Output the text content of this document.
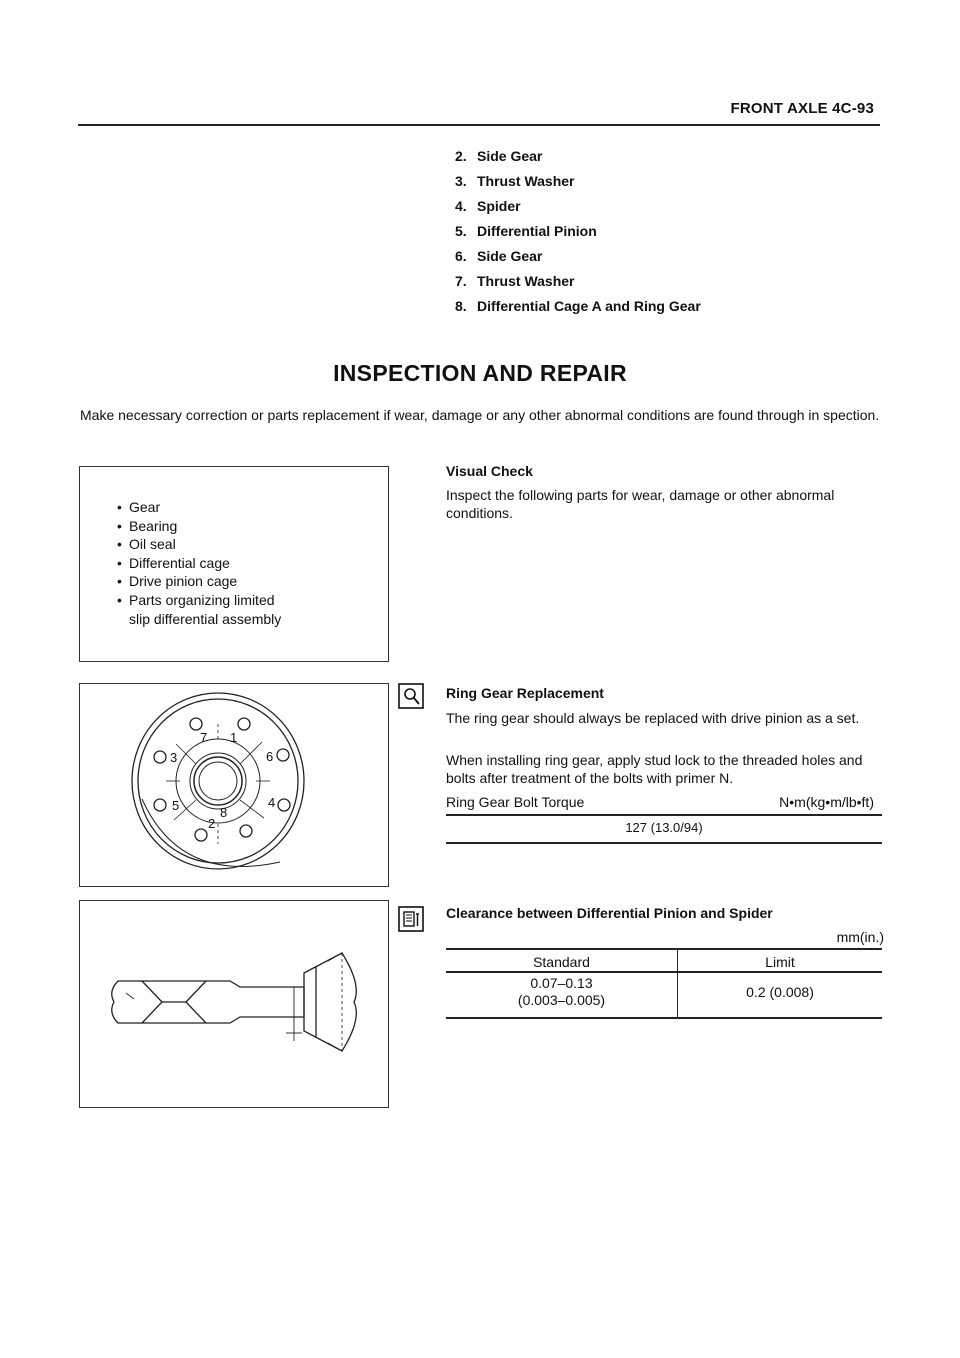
FRONT AXLE 4C-93
2. Side Gear
3. Thrust Washer
4. Spider
5. Differential Pinion
6. Side Gear
7. Thrust Washer
8. Differential Cage A and Ring Gear
INSPECTION AND REPAIR
Make necessary correction or parts replacement if wear, damage or any other abnormal conditions are found through in spection.
• Gear
• Bearing
• Oil seal
• Differential cage
• Drive pinion cage
• Parts organizing limited
slip differential assembly
Visual Check
Inspect the following parts for wear, damage or other abnormal conditions.
7 1
3	6
5	4
2
8
Ring Gear Replacement
The ring gear should always be replaced with drive pinion as a set.
When installing ring gear, apply stud lock to the threaded holes and bolts after treatment of the bolts with primer N.
Ring Gear Bolt Torque	N•m(kg•m/lb•ft)
127 (13.0/94)
Clearance between Differential Pinion and Spider
mm(in.)
Standard	Limit
0.07–0.13
(0.003–0.005)	0.2 (0.008)
